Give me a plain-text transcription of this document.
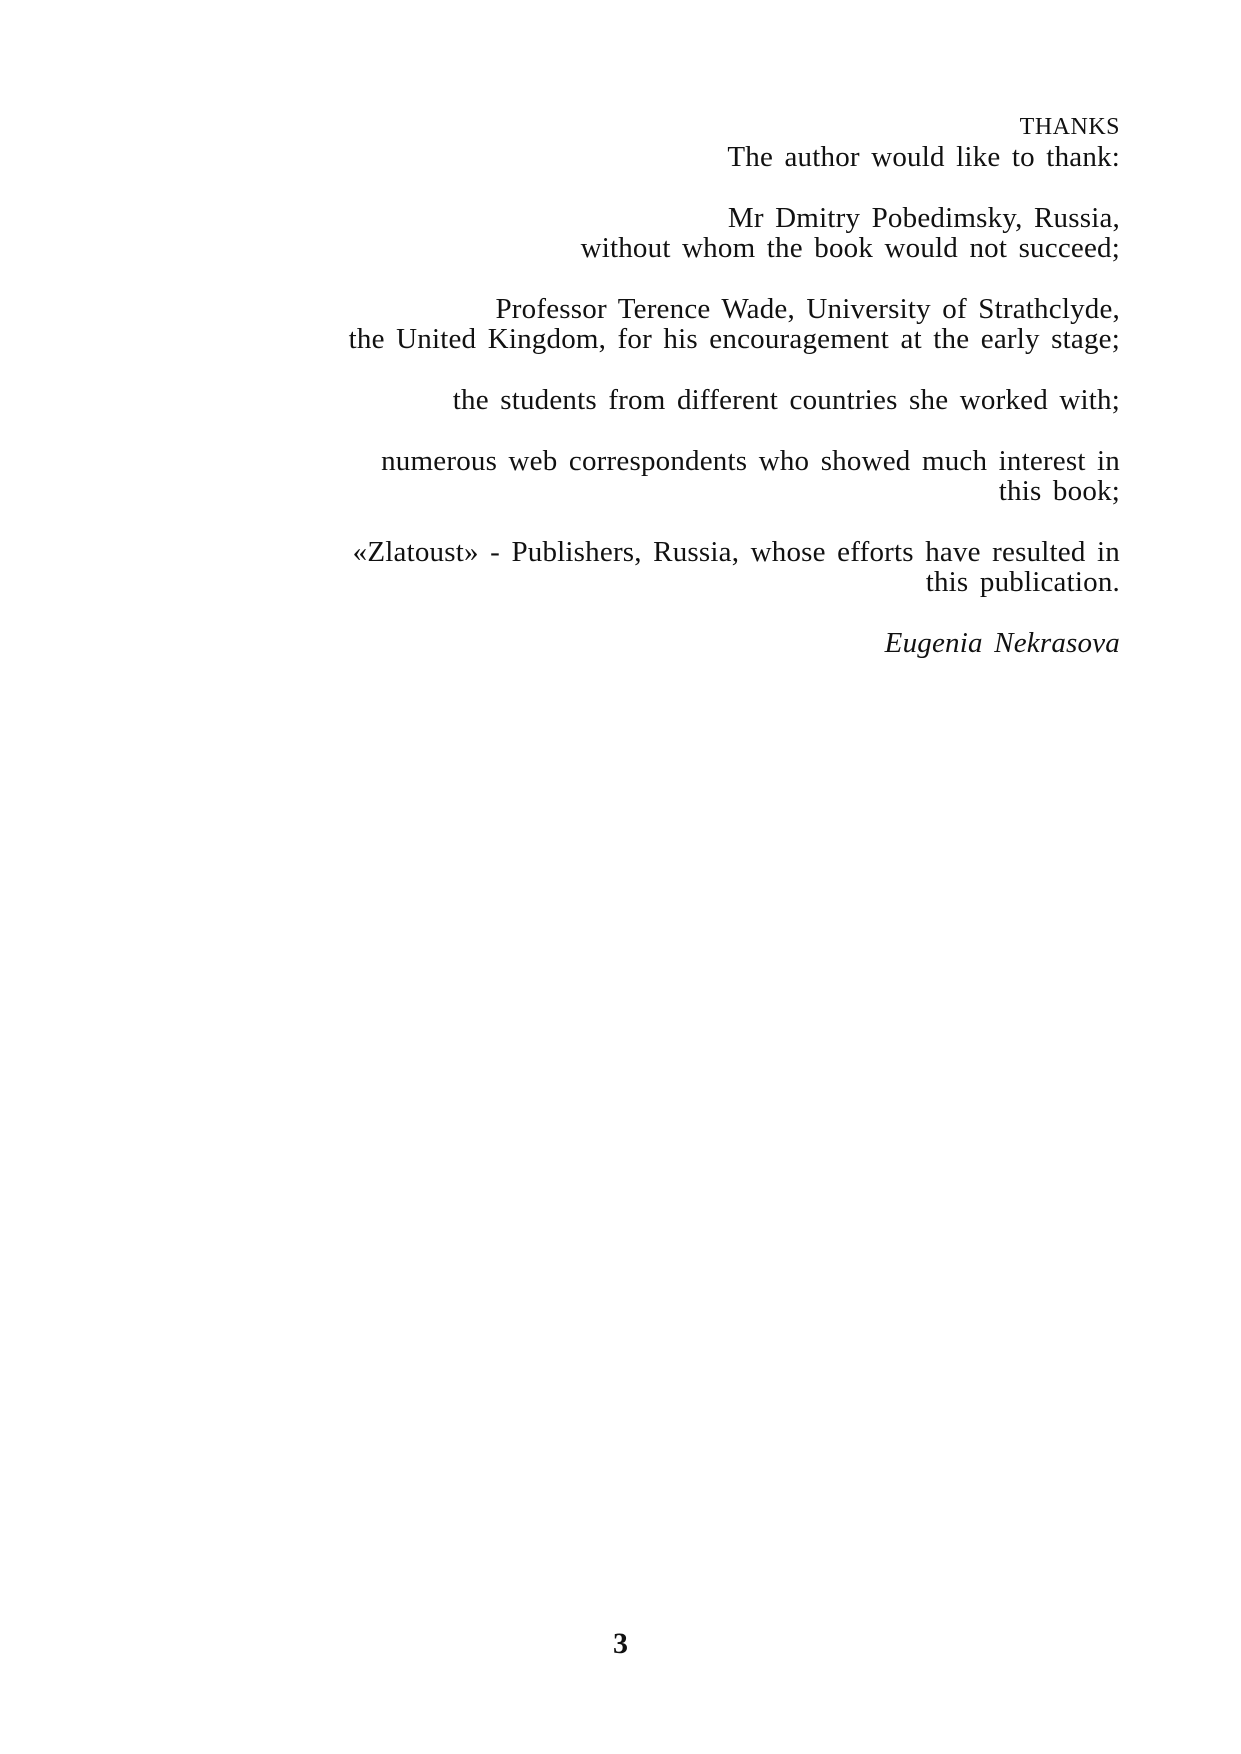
THANKS
The author would like to thank:
Mr Dmitry Pobedimsky, Russia,
without whom the book would not succeed;
Professor Terence Wade, University of Strathclyde,
the United Kingdom, for his encouragement at the early stage;
the students from different countries she worked with;
numerous web correspondents who showed much interest in
this book;
«Zlatoust» - Publishers, Russia, whose efforts have resulted in
this publication.
Eugenia Nekrasova
3
